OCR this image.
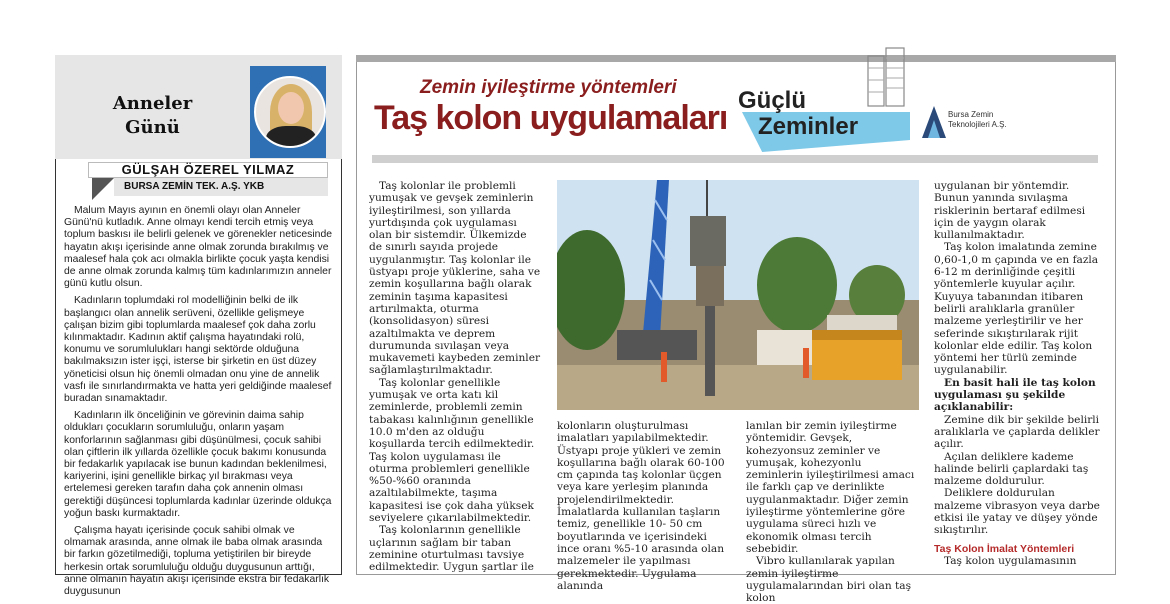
Anneler
Günü
GÜLŞAH ÖZEREL YILMAZ
BURSA ZEMİN TEK. A.Ş. YKB

Malum Mayıs ayının en önemli olayı olan Anneler Günü'nü kutladık. Anne olmayı kendi tercih etmiş veya toplum baskısı ile belirli gelenek ve görenekler neticesinde hayatın akışı içerisinde anne olmak zorunda bırakılmış ve maalesef hala çok acı olmakla birlikte çocuk yaşta kendisi de anne olmak zorunda kalmış tüm kadınlarımızın anneler günü kutlu olsun.

Kadınların toplumdaki rol modelliğinin belki de ilk başlangıcı olan annelik serüveni, özellikle gelişmeye çalışan bizim gibi toplumlarda maalesef çok daha zorlu kılınmaktadır. Kadının aktif çalışma hayatındaki rolü, konumu ve sorumlulukları hangi sektörde olduğuna bakılmaksızın ister işçi, isterse bir şirketin en üst düzey yöneticisi olsun hiç önemli olmadan onu yine de annelik vasfı ile sınırlandırmakta ve hatta yeri geldiğinde maalesef buradan sınamaktadır.

Kadınların ilk önceliğinin ve görevinin daima sahip oldukları çocukların sorumluluğu, onların yaşam konforlarının sağlanması gibi düşünülmesi, çocuk sahibi olan çiftlerin ilk yıllarda özellikle çocuk bakımı konusunda bir fedakarlık yapılacak ise bunun kadından beklenilmesi, kariyerini, işini genellikle birkaç yıl bırakması veya ertelemesi gereken tarafın daha çok annenin olması gerektiği düşüncesi toplumlarda kadınlar üzerinde oldukça yoğun baskı kurmaktadır.

Çalışma hayatı içerisinde çocuk sahibi olmak ve olmamak arasında, anne olmak ile baba olmak arasında bir farkın gözetilmediği, topluma yetiştirilen bir bireyde herkesin ortak sorumluluğu olduğu duygusunun arttığı, anne olmanın hayatın akışı içerisinde ekstra bir fedakarlık duygusunun

Zemin iyileştirme yöntemleri
Taş kolon uygulamaları Güçlü
Zeminler	Bursa Zemin
Teknolojileri A.Ş.

Taş kolonlar ile problemli yumuşak ve gevşek zeminlerin iyileştirilmesi, son yıllarda yurtdışında çok uygulaması olan bir sistemdir. Ülkemizde de sınırlı sayıda projede uygulanmıştır. Taş kolonlar ile üstyapı proje yüklerine, saha ve zemin koşullarına bağlı olarak zeminin taşıma kapasitesi artırılmakta, oturma (konsolidasyon) süresi azaltılmakta ve deprem durumunda sıvılaşan veya mukavemeti kaybeden zeminler sağlamlaştırılmaktadır.

Taş kolonlar genellikle yumuşak ve orta katı kil zeminlerde, problemli zemin tabakası kalınlığının genellikle 10.0 m'den az olduğu koşullarda tercih edilmektedir. Taş kolon uygulaması ile oturma problemleri genellikle %50-%60 oranında azaltılabilmekte, taşıma kapasitesi ise çok daha yüksek seviyelere çıkarılabilmektedir.

Taş kolonlarının genellikle uçlarının sağlam bir taban zeminine oturtulması tavsiye edilmektedir. Uygun şartlar ile

kolonların oluşturulması imalatları yapılabilmektedir. Üstyapı proje yükleri ve zemin koşullarına bağlı olarak 60-100 cm çapında taş kolonlar üçgen veya kare yerleşim planında projelendirilmektedir. İmalatlarda kullanılan taşların temiz, genellikle 10- 50 cm boyutlarında ve içerisindeki ince oranı %5-10 arasında olan malzemeler ile yapılması gerekmektedir. Uygulama alanında

lanılan bir zemin iyileştirme yöntemidir. Gevşek, kohezyonsuz zeminler ve yumuşak, kohezyonlu zeminlerin iyileştirilmesi amacı ile farklı çap ve derinlikte uygulanmaktadır. Diğer zemin iyileştirme yöntemlerine göre uygulama süreci hızlı ve ekonomik olması tercih sebebidir.

Vibro kullanılarak yapılan zemin iyileştirme uygulamalarından biri olan taş kolon

uygulanan bir yöntemdir. Bunun yanında sıvılaşma risklerinin bertaraf edilmesi için de yaygın olarak kullanılmaktadır.

Taş kolon imalatında zemine 0,60-1,0 m çapında ve en fazla 6-12 m derinliğinde çeşitli yöntemlerle kuyular açılır. Kuyuya tabanından itibaren belirli aralıklarla granüler malzeme yerleştirilir ve her seferinde sıkıştırılarak rijit kolonlar elde edilir. Taş kolon yöntemi her türlü zeminde uygulanabilir.

En basit hali ile taş kolon uygulaması şu şekilde açıklanabilir:

Zemine dik bir şekilde belirli aralıklarla ve çaplarda delikler açılır.

Açılan deliklere kademe halinde belirli çaplardaki taş malzeme doldurulur.

Deliklere doldurulan malzeme vibrasyon veya darbe etkisi ile yatay ve düşey yönde sıkıştırılır.

Taş Kolon İmalat Yöntemleri

Taş kolon uygulamasının
